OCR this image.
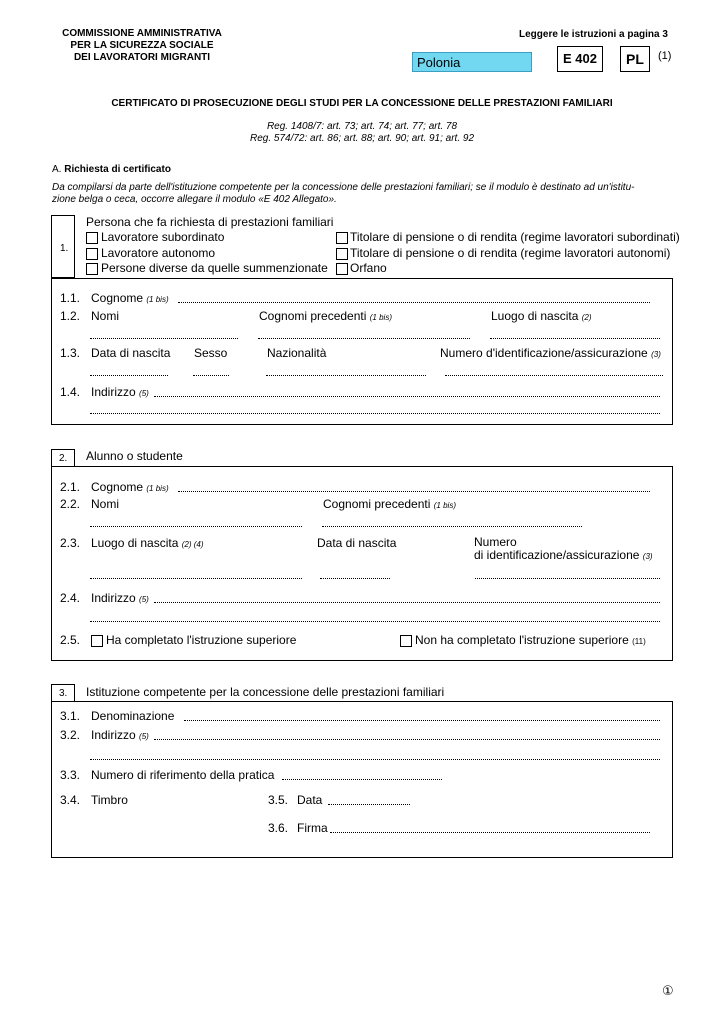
COMMISSIONE AMMINISTRATIVA
PER LA SICUREZZA SOCIALE
DEI LAVORATORI MIGRANTI
Leggere le istruzioni a pagina 3
Polonia	E 402	PL	(1)
CERTIFICATO DI PROSECUZIONE DEGLI STUDI PER LA CONCESSIONE DELLE PRESTAZIONI FAMILIARI
Reg. 1408/7: art. 73; art. 74; art. 77; art. 78
Reg. 574/72: art. 86; art. 88; art. 90; art. 91; art. 92
A. Richiesta di certificato
Da compilarsi da parte dell'istituzione competente per la concessione delle prestazioni familiari; se il modulo è destinato ad un'istitu-
zione belga o ceca, occorre allegare il modulo «E 402 Allegato».
1.
Persona che fa richiesta di prestazioni familiari
Lavoratore subordinato
Lavoratore autonomo
Persone diverse da quelle summenzionate
Titolare di pensione o di rendita (regime lavoratori subordinati)
Titolare di pensione o di rendita (regime lavoratori autonomi)
Orfano
1.1. Cognome (1 bis)
1.2. Nomi	Cognomi precedenti (1 bis)	Luogo di nascita (2)
1.3. Data di nascita Sesso	Nazionalità	Numero d'identificazione/assicurazione (3)
1.4. Indirizzo (5)
2. Alunno o studente
2.1. Cognome (1 bis)
2.2. Nomi	Cognomi precedenti (1 bis)
2.3. Luogo di nascita (2) (4)	Data di nascita	Numero
di identificazione/assicurazione (3)
2.4. Indirizzo (5)
2.5. Ha completato l'istruzione superiore	Non ha completato l'istruzione superiore (11)
3. Istituzione competente per la concessione delle prestazioni familiari
3.1. Denominazione
3.2. Indirizzo (5)
3.3. Numero di riferimento della pratica
3.4. Timbro	3.5. Data
3.6. Firma
①
